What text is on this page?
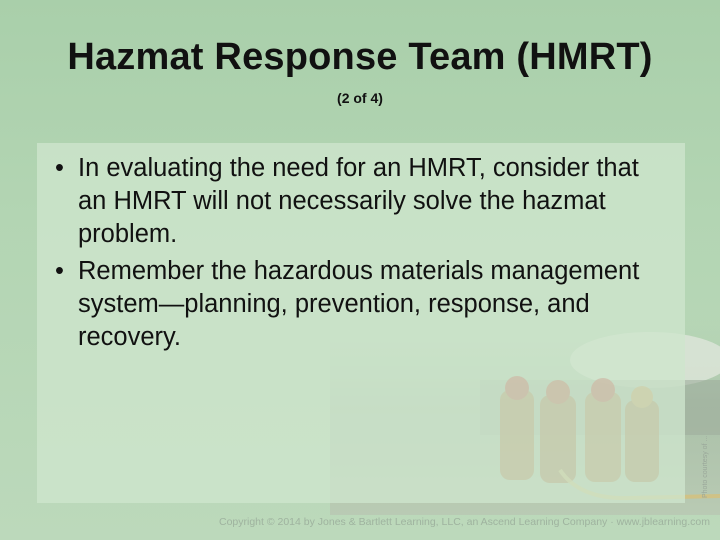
Hazmat Response Team (HMRT)
(2 of 4)
• In evaluating the need for an HMRT, consider that an HMRT will not necessarily solve the hazmat problem.
• Remember the hazardous materials management system—planning, prevention, response, and recovery.
Photo courtesy of ...
Copyright © 2014 by Jones & Bartlett Learning, LLC, an Ascend Learning Company · www.jblearning.com
